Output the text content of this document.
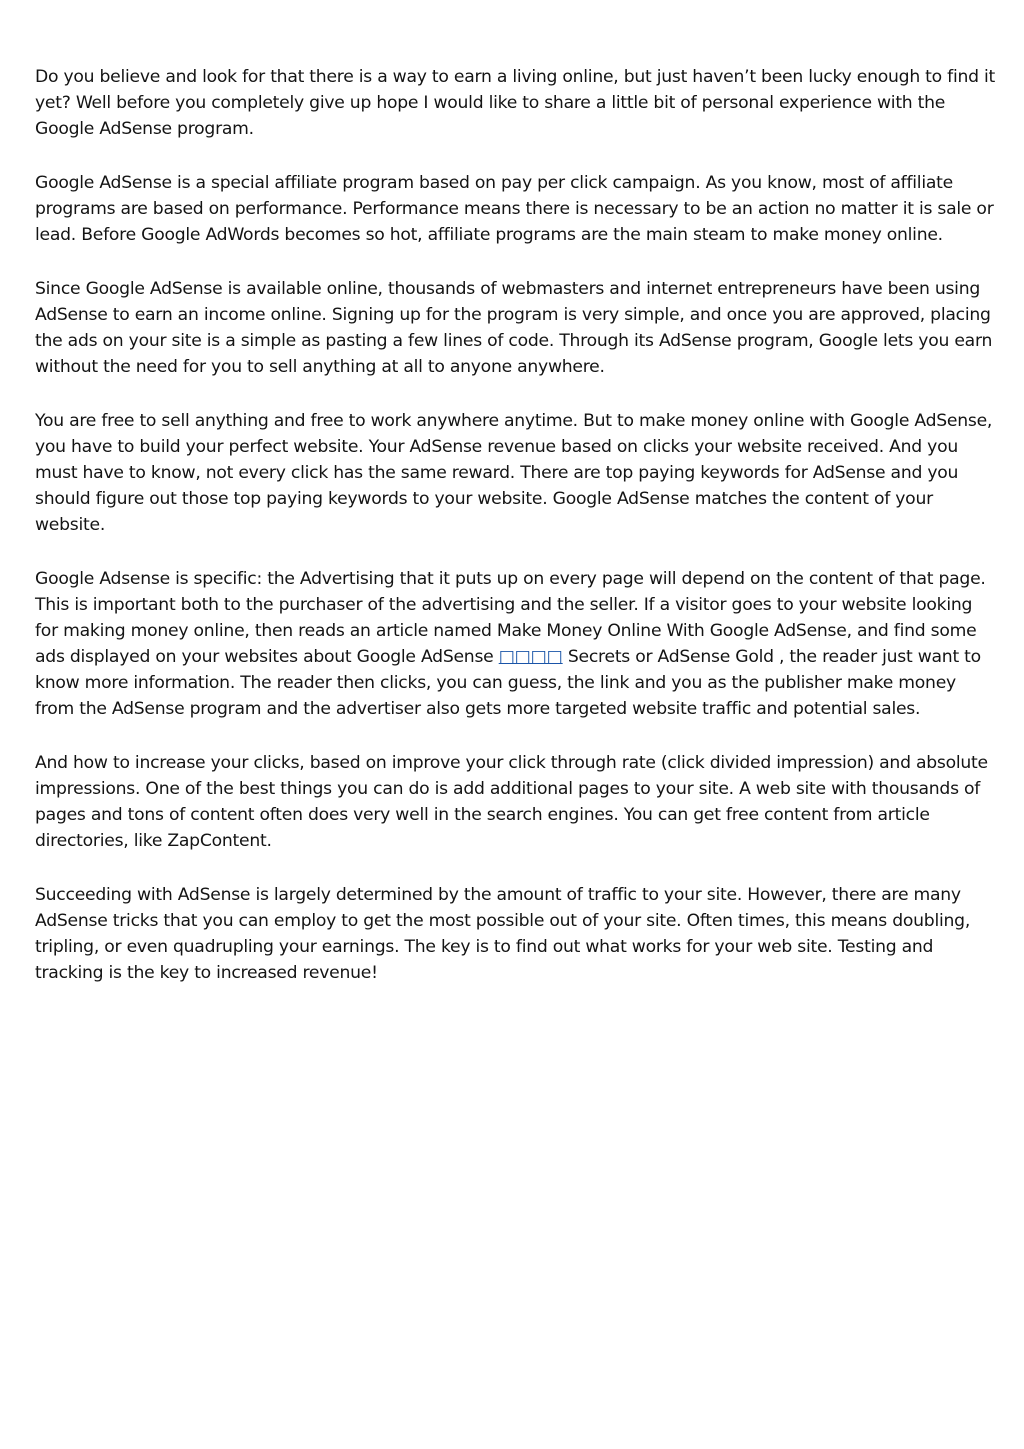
Do you believe and look for that there is a way to earn a living online, but just haven’t been lucky enough to find it yet? Well before you completely give up hope I would like to share a little bit of personal experience with the Google AdSense program.

Google AdSense is a special affiliate program based on pay per click campaign. As you know, most of affiliate programs are based on performance. Performance means there is necessary to be an action no matter it is sale or lead. Before Google AdWords becomes so hot, affiliate programs are the main steam to make money online.

Since Google AdSense is available online, thousands of webmasters and internet entrepreneurs have been using AdSense to earn an income online. Signing up for the program is very simple, and once you are approved, placing the ads on your site is a simple as pasting a few lines of code. Through its AdSense program, Google lets you earn without the need for you to sell anything at all to anyone anywhere.

You are free to sell anything and free to work anywhere anytime. But to make money online with Google AdSense, you have to build your perfect website. Your AdSense revenue based on clicks your website received. And you must have to know, not every click has the same reward. There are top paying keywords for AdSense and you should figure out those top paying keywords to your website. Google AdSense matches the content of your website.

Google Adsense is specific: the Advertising that it puts up on every page will depend on the content of that page. This is important both to the purchaser of the advertising and the seller. If a visitor goes to your website looking for making money online, then reads an article named Make Money Online With Google AdSense, and find some ads displayed on your websites about Google AdSense □□□□ Secrets or AdSense Gold , the reader just want to know more information. The reader then clicks, you can guess, the link and you as the publisher make money from the AdSense program and the advertiser also gets more targeted website traffic and potential sales.

And how to increase your clicks, based on improve your click through rate (click divided impression) and absolute impressions. One of the best things you can do is add additional pages to your site. A web site with thousands of pages and tons of content often does very well in the search engines. You can get free content from article directories, like ZapContent.

Succeeding with AdSense is largely determined by the amount of traffic to your site. However, there are many AdSense tricks that you can employ to get the most possible out of your site. Often times, this means doubling, tripling, or even quadrupling your earnings. The key is to find out what works for your web site. Testing and tracking is the key to increased revenue!
